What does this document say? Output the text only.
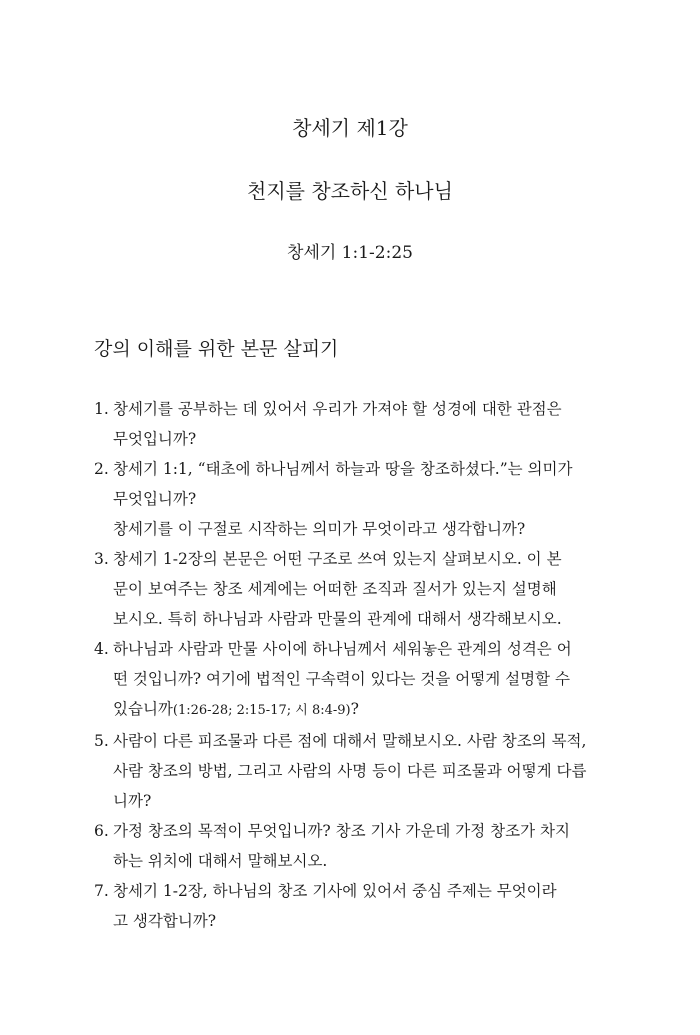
창세기 제1강
천지를 창조하신 하나님
창세기 1:1-2:25
강의 이해를 위한 본문 살피기
1. 창세기를 공부하는 데 있어서 우리가 가져야 할 성경에 대한 관점은
무엇입니까?
2. 창세기 1:1, “태초에 하나님께서 하늘과 땅을 창조하셨다.”는 의미가
무엇입니까?
창세기를 이 구절로 시작하는 의미가 무엇이라고 생각합니까?
3. 창세기 1-2장의 본문은 어떤 구조로 쓰여 있는지 살펴보시오. 이 본
문이 보여주는 창조 세계에는 어떠한 조직과 질서가 있는지 설명해
보시오. 특히 하나님과 사람과 만물의 관계에 대해서 생각해보시오.
4. 하나님과 사람과 만물 사이에 하나님께서 세워놓은 관계의 성격은 어
떤 것입니까? 여기에 법적인 구속력이 있다는 것을 어떻게 설명할 수
있습니까(1:26-28; 2:15-17; 시 8:4-9)?
5. 사람이 다른 피조물과 다른 점에 대해서 말해보시오. 사람 창조의 목적,
사람 창조의 방법, 그리고 사람의 사명 등이 다른 피조물과 어떻게 다릅
니까?
6. 가정 창조의 목적이 무엇입니까? 창조 기사 가운데 가정 창조가 차지
하는 위치에 대해서 말해보시오.
7. 창세기 1-2장, 하나님의 창조 기사에 있어서 중심 주제는 무엇이라
고 생각합니까?
